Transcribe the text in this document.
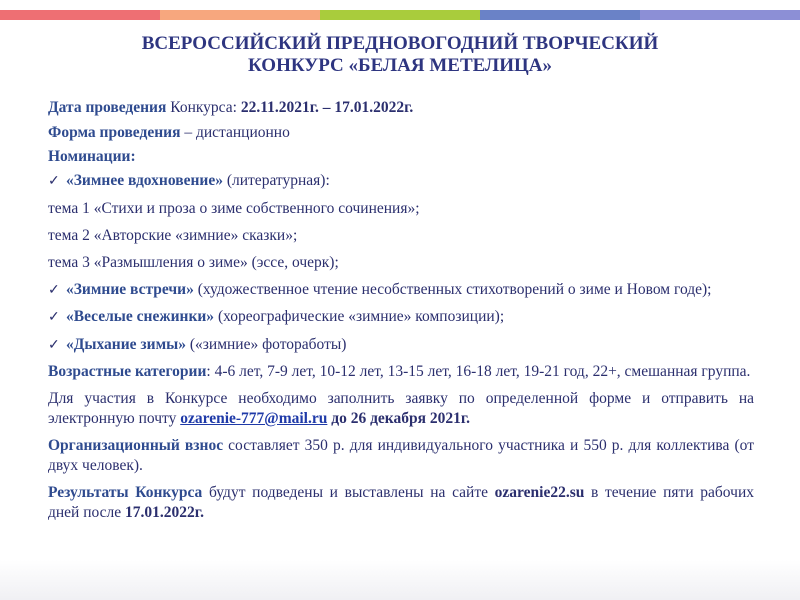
ВСЕРОССИЙСКИЙ ПРЕДНОВОГОДНИЙ ТВОРЧЕСКИЙ
КОНКУРС «БЕЛАЯ МЕТЕЛИЦА»

Дата проведения Конкурса: 22.11.2021г. – 17.01.2022г.

Форма проведения – дистанционно

Номинации:

✓ «Зимнее вдохновение» (литературная):

тема 1 «Стихи и проза о зиме собственного сочинения»;

тема 2 «Авторские «зимние» сказки»;

тема 3 «Размышления о зиме» (эссе, очерк);

✓ «Зимние встречи» (художественное чтение несобственных стихотворений о зиме и Новом годе);

✓ «Веселые снежинки» (хореографические «зимние» композиции);

✓ «Дыхание зимы» («зимние» фотоработы)

Возрастные категории: 4-6 лет, 7-9 лет, 10-12 лет, 13-15 лет, 16-18 лет, 19-21 год, 22+, смешанная группа.

Для участия в Конкурсе необходимо заполнить заявку по определенной форме и отправить на электронную почту ozarenie-777@mail.ru до 26 декабря 2021г.

Организационный взнос составляет 350 р. для индивидуального участника и 550 р. для коллектива (от двух человек).

Результаты Конкурса будут подведены и выставлены на сайте ozarenie22.su в течение пяти рабочих дней после 17.01.2022г.
